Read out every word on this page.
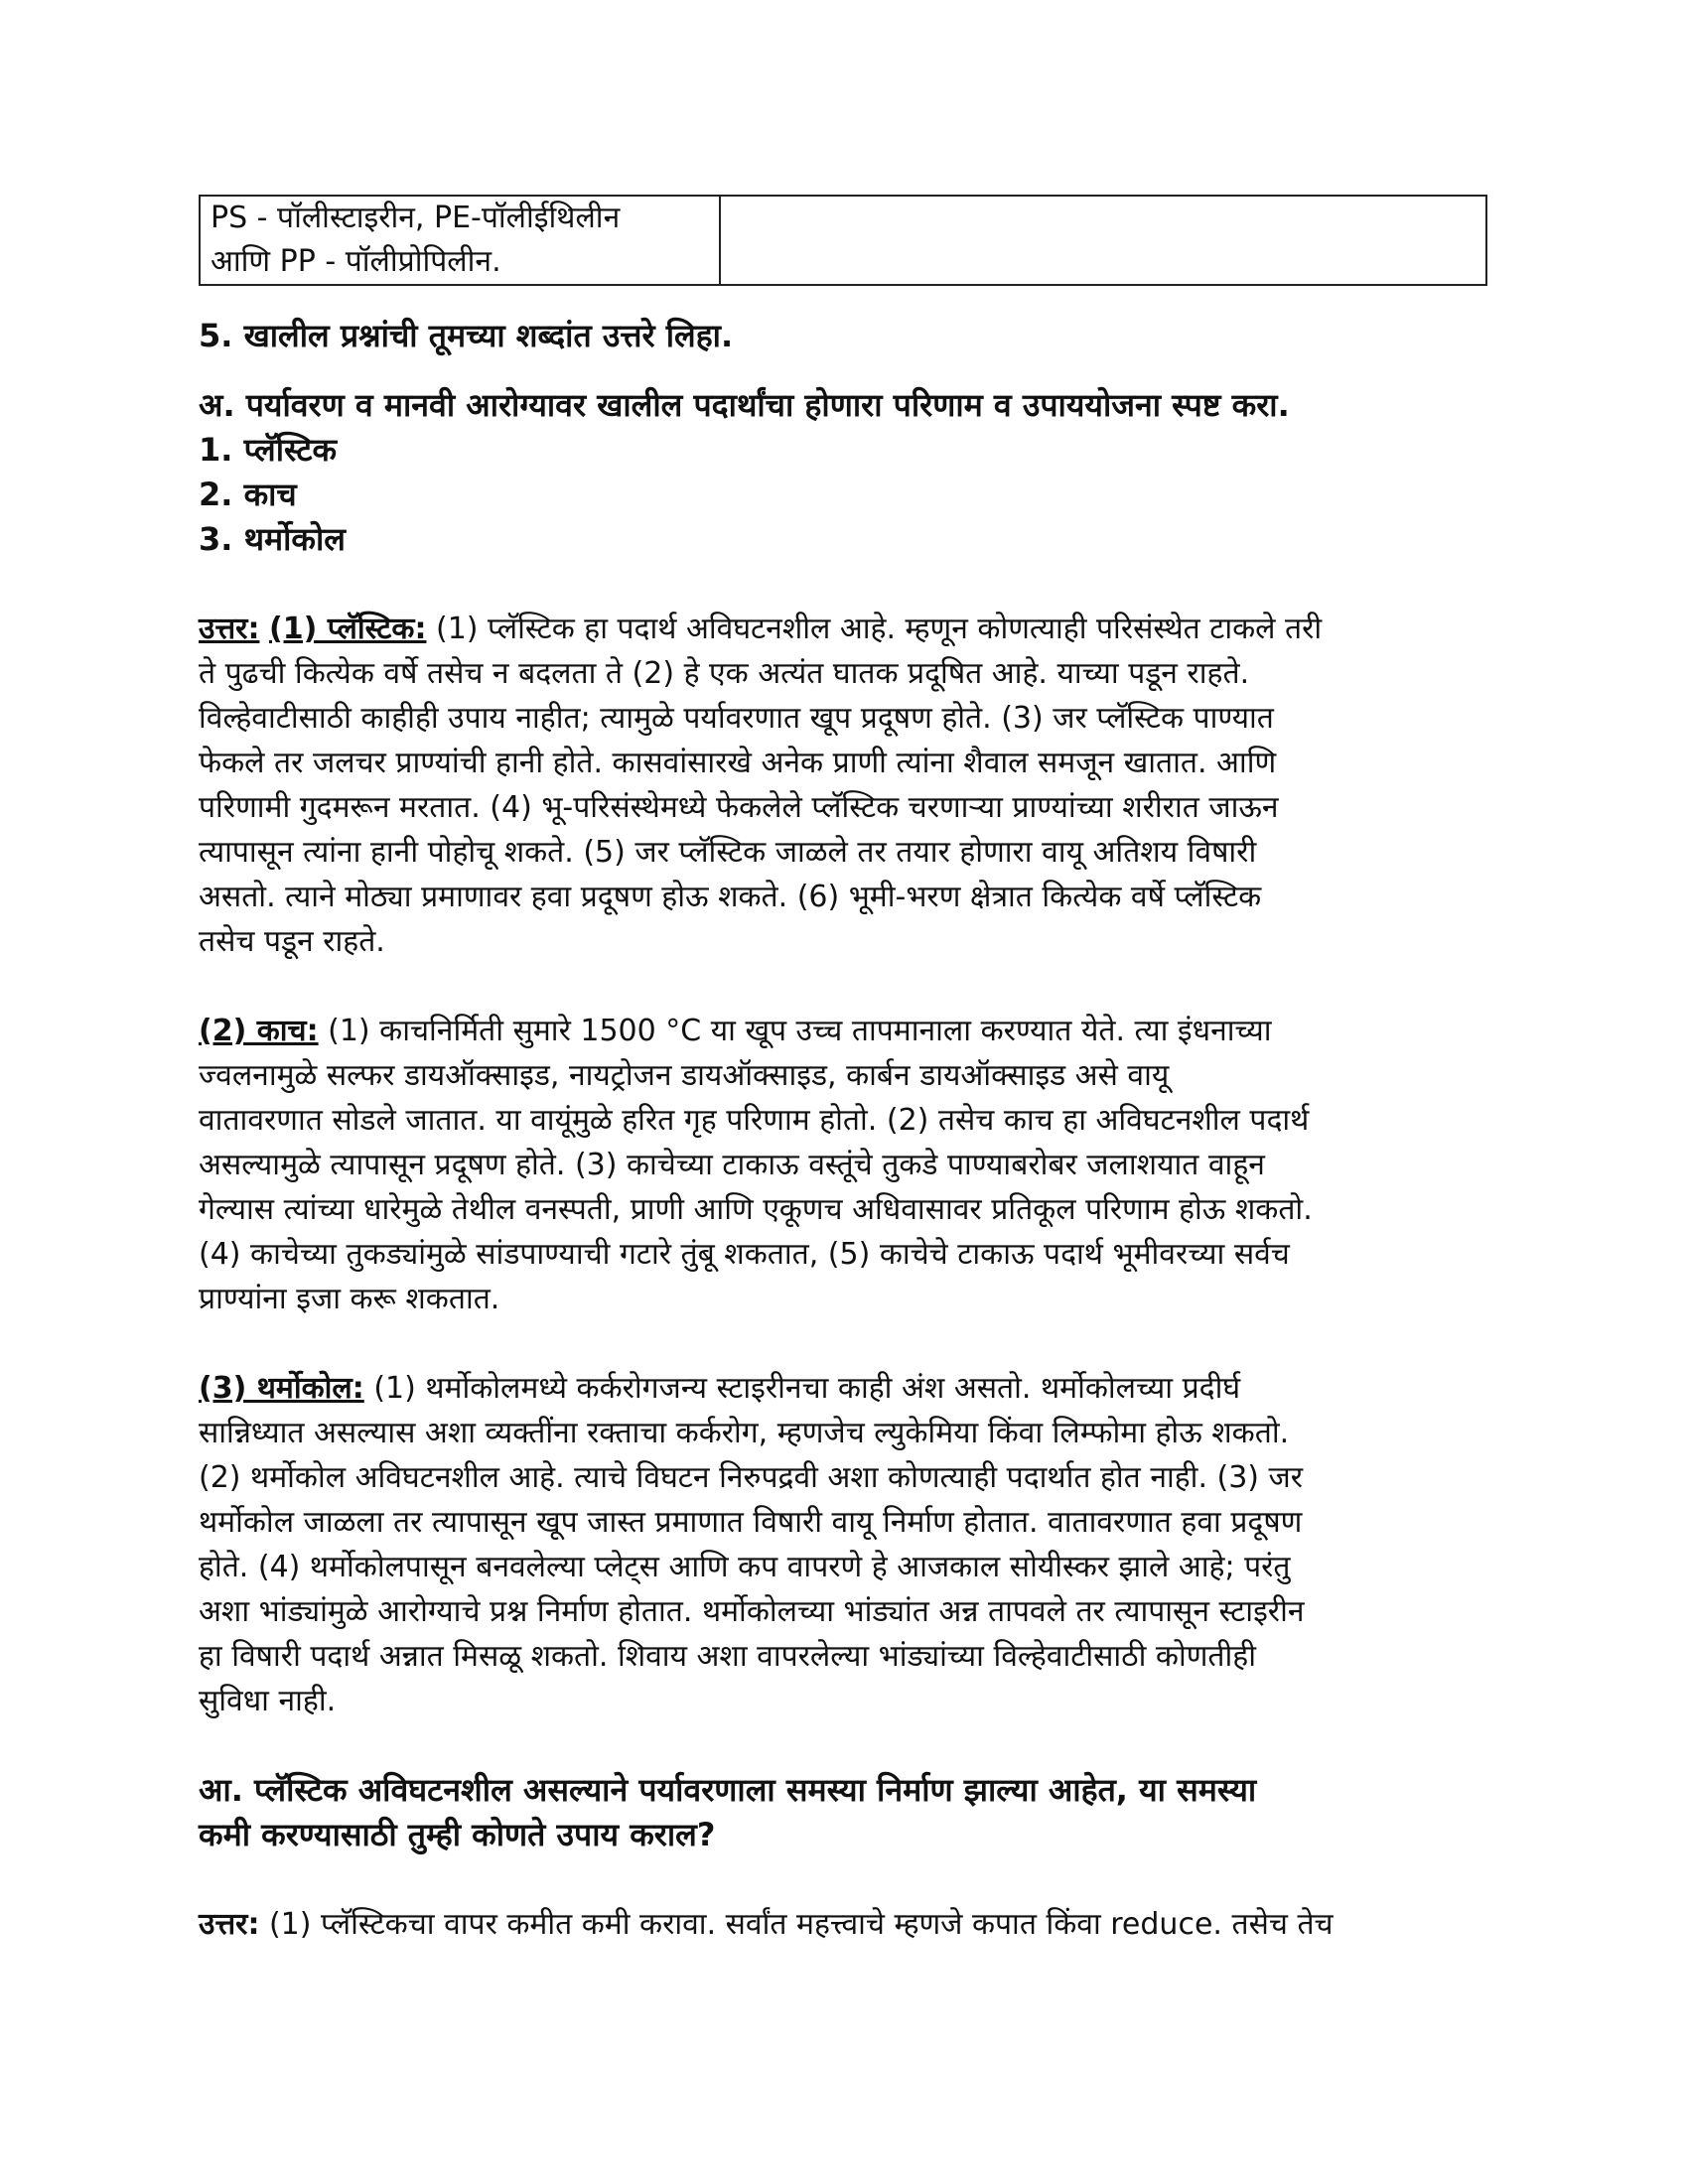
PS - पॉलीस्टाइरीन, PE-पॉलीईथिलीन
आणि PP - पॉलीप्रोपिलीन.

5. खालील प्रश्नांची तूमच्या शब्दांत उत्तरे लिहा.
अ. पर्यावरण व मानवी आरोग्यावर खालील पदार्थांचा होणारा परिणाम व उपाययोजना स्पष्ट करा.
1. प्लॅस्टिक
2. काच
3. थर्मोकोल
उत्तर: (1) प्लॅस्टिक: (1) प्लॅस्टिक हा पदार्थ अविघटनशील आहे. म्हणून कोणत्याही परिसंस्थेत टाकले तरी
ते पुढची कित्येक वर्षे तसेच न बदलता ते (2) हे एक अत्यंत घातक प्रदूषित आहे. याच्या पडून राहते.
विल्हेवाटीसाठी काहीही उपाय नाहीत; त्यामुळे पर्यावरणात खूप प्रदूषण होते. (3) जर प्लॅस्टिक पाण्यात
फेकले तर जलचर प्राण्यांची हानी होते. कासवांसारखे अनेक प्राणी त्यांना शैवाल समजून खातात. आणि
परिणामी गुदमरून मरतात. (4) भू-परिसंस्थेमध्ये फेकलेले प्लॅस्टिक चरणाऱ्या प्राण्यांच्या शरीरात जाऊन
त्यापासून त्यांना हानी पोहोचू शकते. (5) जर प्लॅस्टिक जाळले तर तयार होणारा वायू अतिशय विषारी
असतो. त्याने मोठ्या प्रमाणावर हवा प्रदूषण होऊ शकते. (6) भूमी-भरण क्षेत्रात कित्येक वर्षे प्लॅस्टिक
तसेच पडून राहते.
(2) काच: (1) काचनिर्मिती सुमारे 1500 °C या खूप उच्च तापमानाला करण्यात येते. त्या इंधनाच्या
ज्वलनामुळे सल्फर डायऑक्साइड, नायट्रोजन डायऑक्साइड, कार्बन डायऑक्साइड असे वायू
वातावरणात सोडले जातात. या वायूंमुळे हरित गृह परिणाम होतो. (2) तसेच काच हा अविघटनशील पदार्थ
असल्यामुळे त्यापासून प्रदूषण होते. (3) काचेच्या टाकाऊ वस्तूंचे तुकडे पाण्याबरोबर जलाशयात वाहून
गेल्यास त्यांच्या धारेमुळे तेथील वनस्पती, प्राणी आणि एकूणच अधिवासावर प्रतिकूल परिणाम होऊ शकतो.
(4) काचेच्या तुकड्यांमुळे सांडपाण्याची गटारे तुंबू शकतात, (5) काचेचे टाकाऊ पदार्थ भूमीवरच्या सर्वच
प्राण्यांना इजा करू शकतात.
(3) थर्मोकोल: (1) थर्मोकोलमध्ये कर्करोगजन्य स्टाइरीनचा काही अंश असतो. थर्मोकोलच्या प्रदीर्घ
सान्निध्यात असल्यास अशा व्यक्तींना रक्ताचा कर्करोग, म्हणजेच ल्युकेमिया किंवा लिम्फोमा होऊ शकतो.
(2) थर्मोकोल अविघटनशील आहे. त्याचे विघटन निरुपद्रवी अशा कोणत्याही पदार्थात होत नाही. (3) जर
थर्मोकोल जाळला तर त्यापासून खूप जास्त प्रमाणात विषारी वायू निर्माण होतात. वातावरणात हवा प्रदूषण
होते. (4) थर्मोकोलपासून बनवलेल्या प्लेट्स आणि कप वापरणे हे आजकाल सोयीस्कर झाले आहे; परंतु
अशा भांड्यांमुळे आरोग्याचे प्रश्न निर्माण होतात. थर्मोकोलच्या भांड्यांत अन्न तापवले तर त्यापासून स्टाइरीन
हा विषारी पदार्थ अन्नात मिसळू शकतो. शिवाय अशा वापरलेल्या भांड्यांच्या विल्हेवाटीसाठी कोणतीही
सुविधा नाही.
आ. प्लॅस्टिक अविघटनशील असल्याने पर्यावरणाला समस्या निर्माण झाल्या आहेत, या समस्या
कमी करण्यासाठी तुम्ही कोणते उपाय कराल?
उत्तर: (1) प्लॅस्टिकचा वापर कमीत कमी करावा. सर्वांत महत्त्वाचे म्हणजे कपात किंवा reduce. तसेच तेच
